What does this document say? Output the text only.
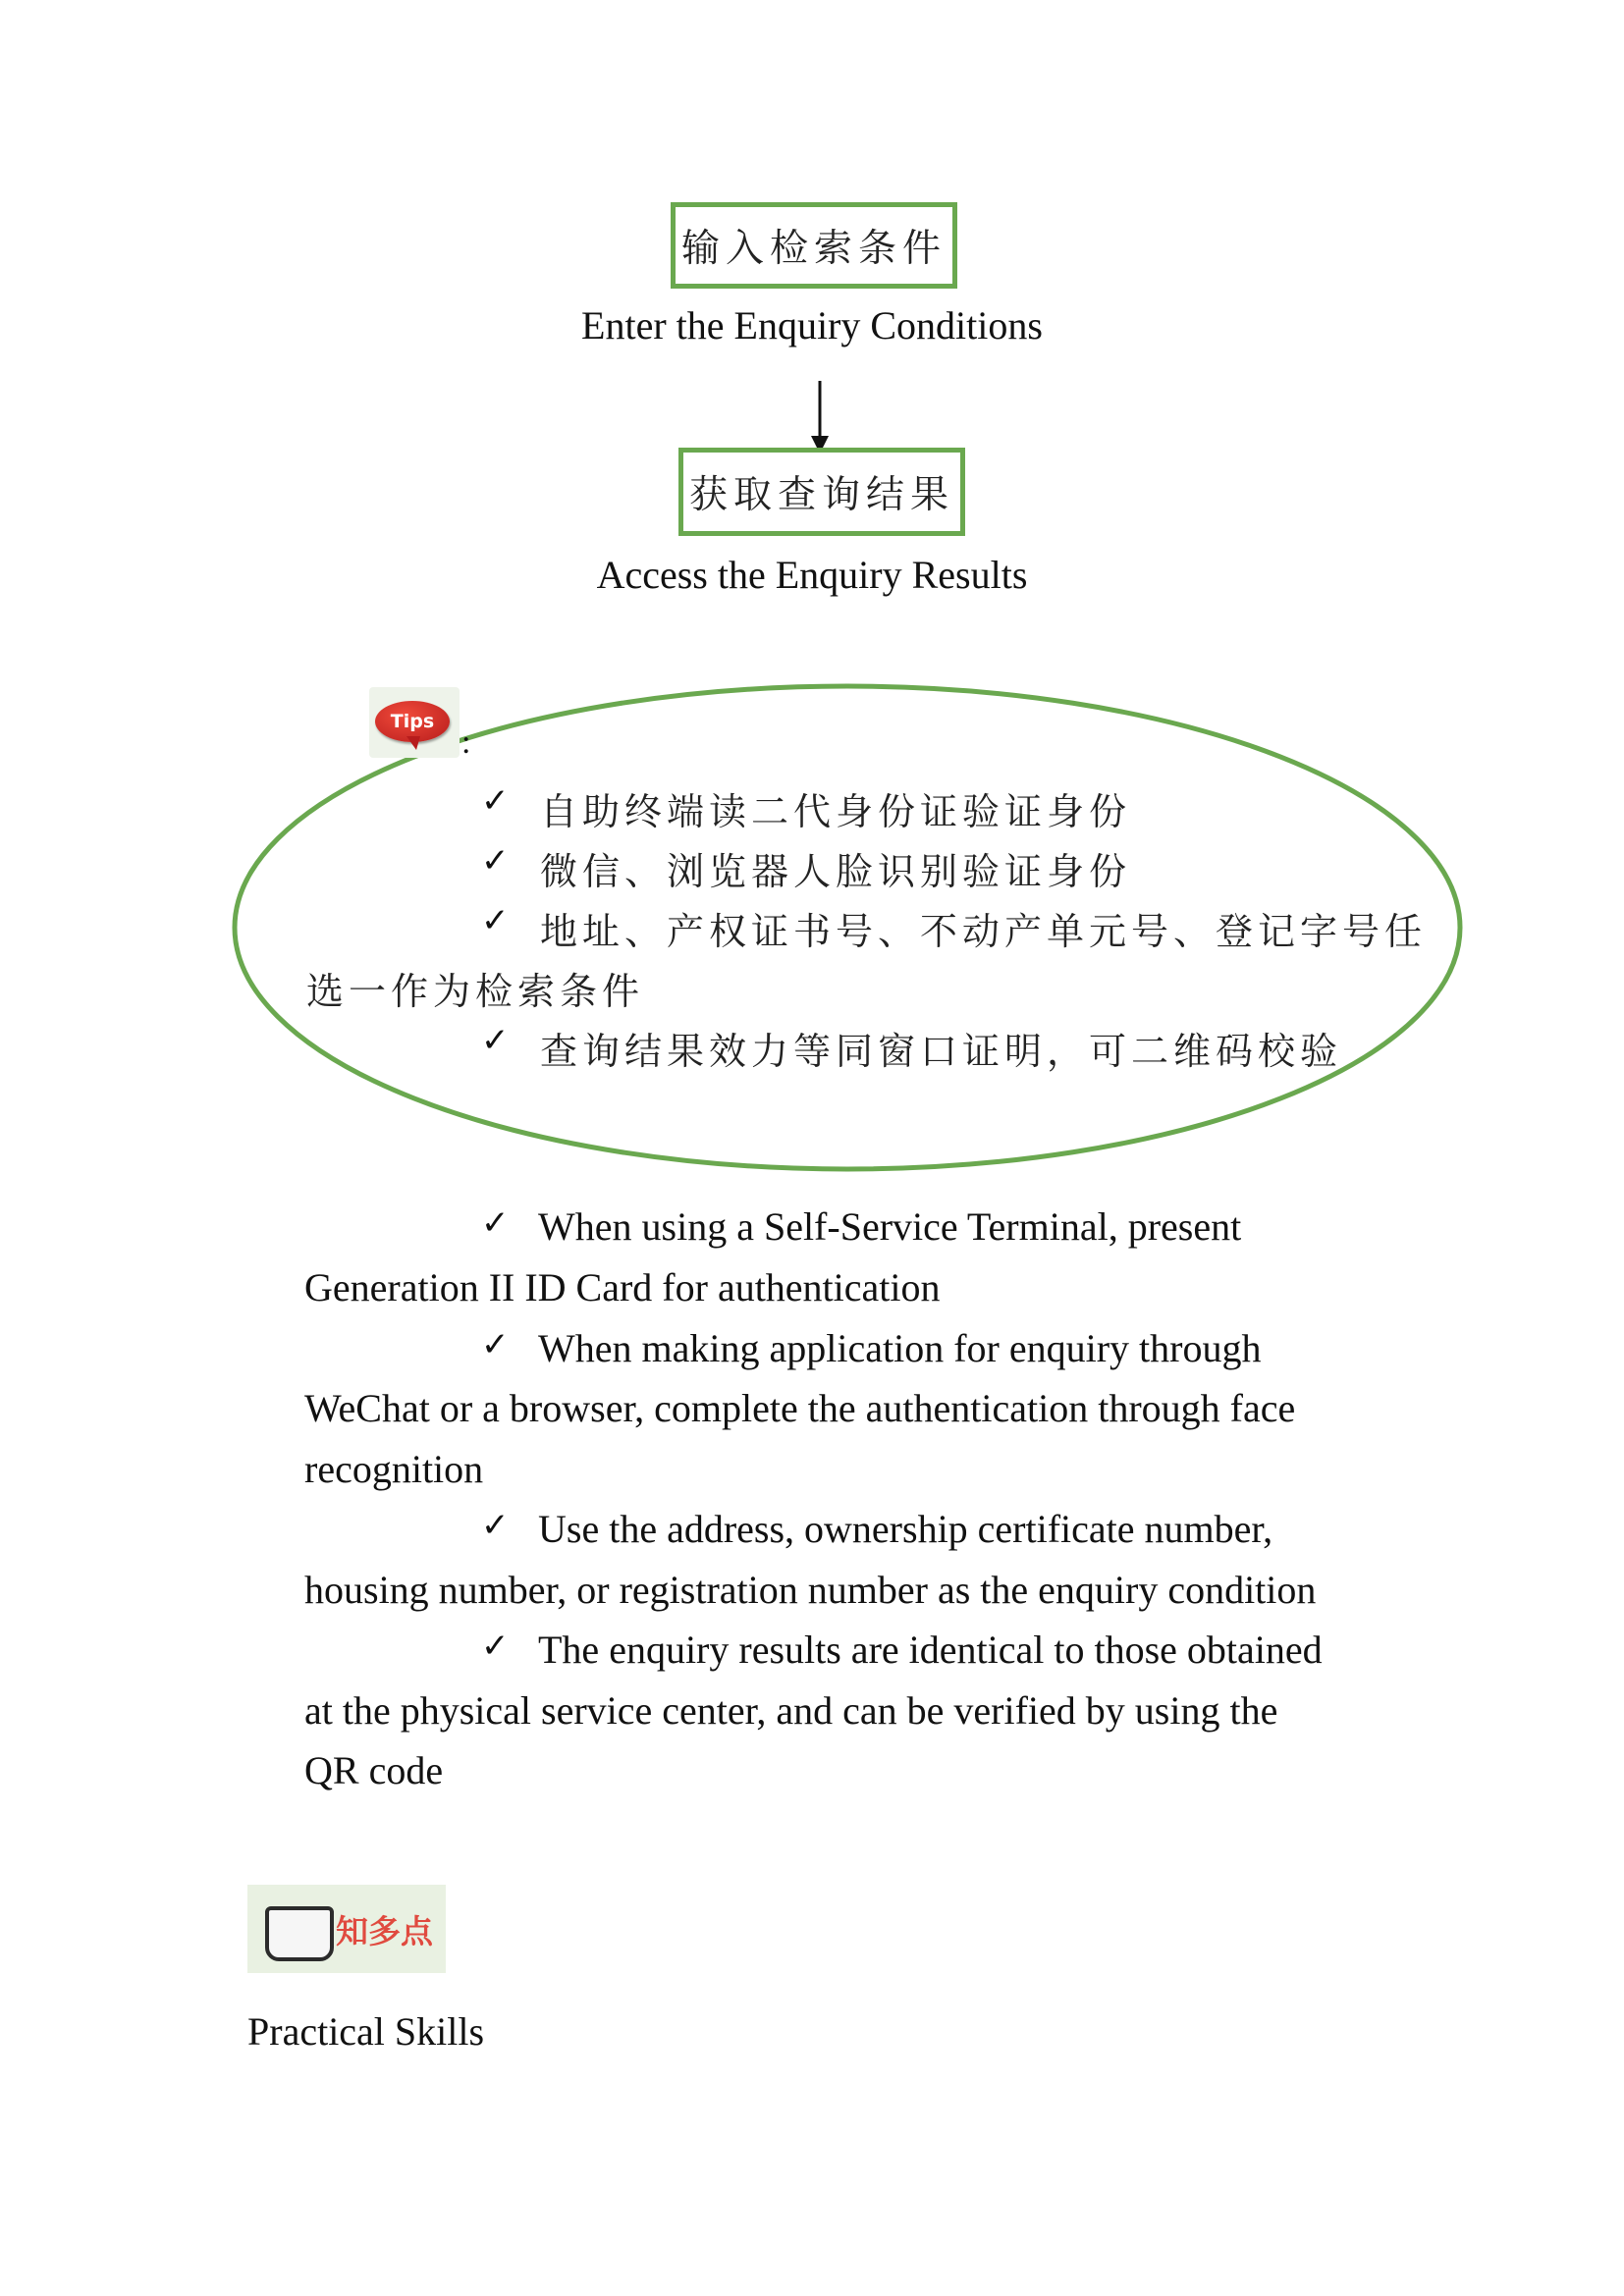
输入检索条件
Enter the Enquiry Conditions
获取查询结果
Access the Enquiry Results
Tips
:
✓ 自助终端读二代身份证验证身份
✓ 微信、浏览器人脸识别验证身份
✓ 地址、产权证书号、不动产单元号、登记字号任
选一作为检索条件
✓ 查询结果效力等同窗口证明，可二维码校验
✓ When using a Self-Service Terminal, present
Generation II ID Card for authentication
✓ When making application for enquiry through
WeChat or a browser, complete the authentication through face
recognition
✓ Use the address, ownership certificate number,
housing number, or registration number as the enquiry condition
✓ The enquiry results are identical to those obtained
at the physical service center, and can be verified by using the
QR code
知多点
Practical Skills
